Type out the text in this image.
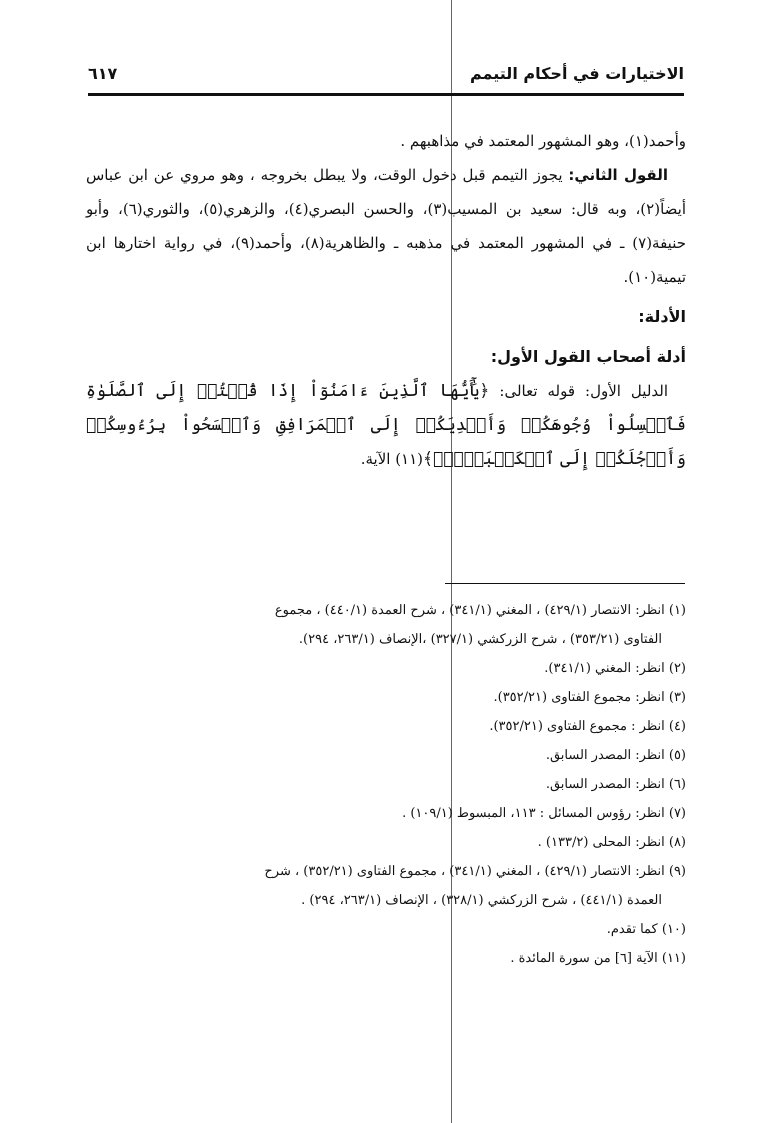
الاختيارات في أحكام التيمم
٦١٧

وأحمد(١)، وهو المشهور المعتمد في مذاهبهم .

القول الثاني: يجوز التيمم قبل دخول الوقت، ولا يبطل بخروجه ، وهو مروي عن ابن عباس أيضاً(٢)، وبه قال: سعيد بن المسيب(٣)، والحسن البصري(٤)، والزهري(٥)، والثوري(٦)، وأبو حنيفة(٧) ـ في المشهور المعتمد في مذهبه ـ والظاهرية(٨)، وأحمد(٩)، في رواية اختارها ابن تيمية(١٠).

الأدلة:

أدلة أصحاب القول الأول:

الدليل الأول: قوله تعالى: ﴿يَٰٓأَيُّهَا ٱلَّذِينَ ءَامَنُوٓاْ إِذَا قُمۡتُمۡ إِلَى ٱلصَّلَوٰةِ فَٱغۡسِلُواْ وُجُوهَكُمۡ وَأَيۡدِيَكُمۡ إِلَى ٱلۡمَرَافِقِ وَٱمۡسَحُواْ بِرُءُوسِكُمۡ وَأَرۡجُلَكُمۡ إِلَى ٱلۡكَعۡبَيۡنِۚ﴾(١١) الآية.

(١) انظر: الانتصار (٤٢٩/١) ، المغني (٣٤١/١) ، شرح العمدة (٤٤٠/١) ، مجموع
الفتاوى (٣٥٣/٢١) ، شرح الزركشي (٣٢٧/١) ،الإنصاف (٢٦٣/١، ٢٩٤).
(٢) انظر: المغني (٣٤١/١).
(٣) انظر: مجموع الفتاوى (٣٥٢/٢١).
(٤) انظر : مجموع الفتاوى (٣٥٢/٢١).
(٥) انظر: المصدر السابق.
(٦) انظر: المصدر السابق.
(٧) انظر: رؤوس المسائل : ١١٣، المبسوط (١٠٩/١) .
(٨) انظر: المحلى (١٣٣/٢) .
(٩) انظر: الانتصار (٤٢٩/١) ، المغني (٣٤١/١) ، مجموع الفتاوى (٣٥٢/٢١) ، شرح
العمدة (٤٤١/١) ، شرح الزركشي (٣٢٨/١) ، الإنصاف (٢٦٣/١، ٢٩٤) .
(١٠) كما تقدم.
(١١) الآية [٦] من سورة المائدة .
